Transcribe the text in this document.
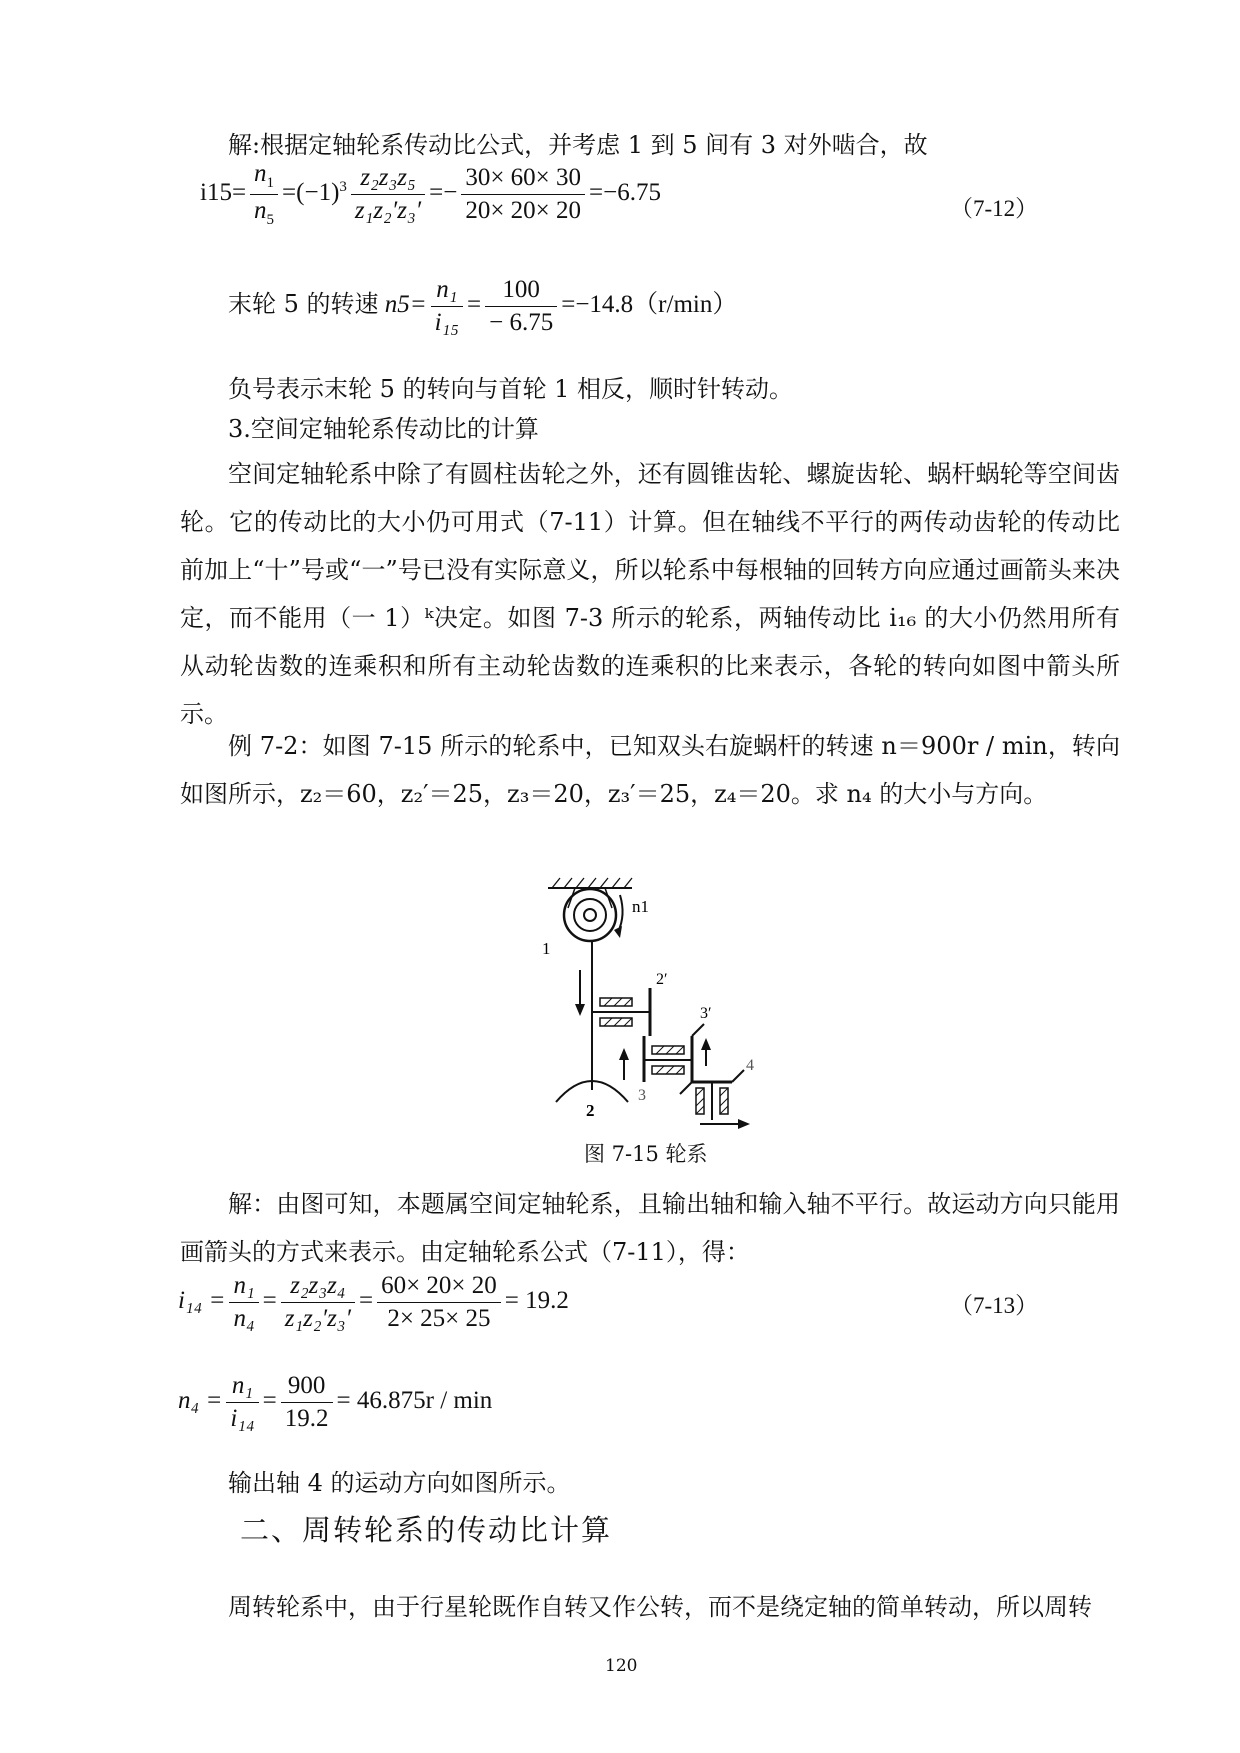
解:根据定轴轮系传动比公式，并考虑 1 到 5 间有 3 对外啮合，故
$i15= \frac{n_1}{n_5} =(-1)^3 \frac{\text{z₂z₃z₅}}{\text{z₁z₂′z₃′}} =- \frac{30\times 60\times 30}{20\times 20\times 20} =-6.75$
（7-12）
末轮 5 的转速 $n5= \frac{\text{n₁}}{\text{i₁₅}} = \frac{100}{- 6.75} =-14.8(r/\min)$
负号表示末轮 5 的转向与首轮 1 相反，顺时针转动。
3.空间定轴轮系传动比的计算
空间定轴轮系中除了有圆柱齿轮之外，还有圆锥齿轮、螺旋齿轮、蜗杆蜗轮等空间齿轮。它的传动比的大小仍可用式（7-11）计算。但在轴线不平行的两传动齿轮的传动比前加上“十”号或“一”号已没有实际意义，所以轮系中每根轴的回转方向应通过画箭头来决定，而不能用（一 1）ᵏ决定。如图 7-3 所示的轮系，两轴传动比 i₁₆ 的大小仍然用所有从动轮齿数的连乘积和所有主动轮齿数的连乘积的比来表示，各轮的转向如图中箭头所示。
例 7-2：如图 7-15 所示的轮系中，已知双头右旋蜗杆的转速 n＝900r / min，转向如图所示，z₂＝60，z₂′＝25，z₃＝20，z₃′＝25，z₄＝20。求 n₄ 的大小与方向。
n1
1
2
2′
3
3′
4
图 7-15 轮系
解：由图可知，本题属空间定轴轮系，且输出轴和输入轴不平行。故运动方向只能用画箭头的方式来表示。由定轴轮系公式（7-11），得：
$i_{14} = \frac{\text{n₁}}{\text{n₄}} = \frac{\text{z₂z₃z₄}}{\text{z₁z₂′z₃′}} = \frac{60\times 20\times 20}{2\times 25\times 25} = 19.2$	（7-13）
$n_4 = \frac{\text{n₁}}{\text{i₁₄}} = \frac{900}{19.2} = 46.875r / \min$
输出轴 4 的运动方向如图所示。
二、周转轮系的传动比计算
周转轮系中，由于行星轮既作自转又作公转，而不是绕定轴的简单转动，所以周转
120
